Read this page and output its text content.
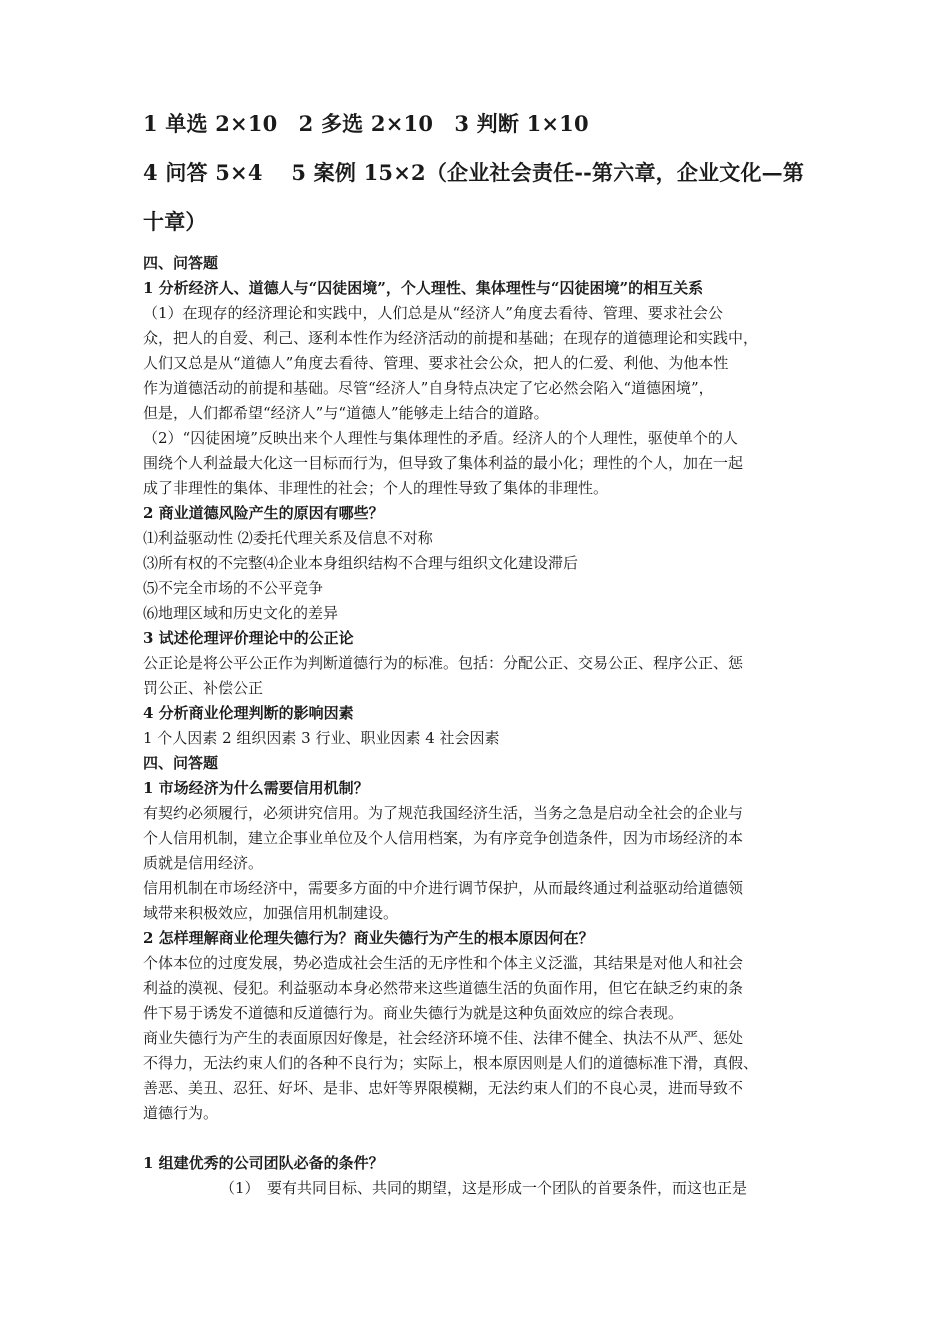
1 单选 2×10　2 多选 2×10　3 判断 1×10
4 问答 5×4　 5 案例 15×2（企业社会责任--第六章，企业文化—第
十章）

四、问答题

1 分析经济人、道德人与“囚徒困境”，个人理性、集体理性与“囚徒困境”的相互关系

（1）在现存的经济理论和实践中，人们总是从“经济人”角度去看待、管理、要求社会公

众，把人的自爱、利己、逐利本性作为经济活动的前提和基础；在现存的道德理论和实践中，

人们又总是从“道德人”角度去看待、管理、要求社会公众，把人的仁爱、利他、为他本性

作为道德活动的前提和基础。尽管“经济人”自身特点决定了它必然会陷入“道德困境”，

但是，人们都希望“经济人”与“道德人”能够走上结合的道路。

（2）“囚徒困境”反映出来个人理性与集体理性的矛盾。经济人的个人理性，驱使单个的人

围绕个人利益最大化这一目标而行为，但导致了集体利益的最小化；理性的个人，加在一起

成了非理性的集体、非理性的社会；个人的理性导致了集体的非理性。

2 商业道德风险产生的原因有哪些？

⑴利益驱动性 ⑵委托代理关系及信息不对称

⑶所有权的不完整⑷企业本身组织结构不合理与组织文化建设滞后

⑸不完全市场的不公平竞争

⑹地理区域和历史文化的差异

3 试述伦理评价理论中的公正论

公正论是将公平公正作为判断道德行为的标准。包括：分配公正、交易公正、程序公正、惩

罚公正、补偿公正

4 分析商业伦理判断的影响因素

1 个人因素 2 组织因素 3 行业、职业因素 4 社会因素

四、问答题

1 市场经济为什么需要信用机制？

有契约必须履行，必须讲究信用。为了规范我国经济生活，当务之急是启动全社会的企业与

个人信用机制，建立企事业单位及个人信用档案，为有序竞争创造条件，因为市场经济的本

质就是信用经济。

信用机制在市场经济中，需要多方面的中介进行调节保护，从而最终通过利益驱动给道德领

域带来积极效应，加强信用机制建设。

2 怎样理解商业伦理失德行为？商业失德行为产生的根本原因何在？

个体本位的过度发展，势必造成社会生活的无序性和个体主义泛滥，其结果是对他人和社会

利益的漠视、侵犯。利益驱动本身必然带来这些道德生活的负面作用，但它在缺乏约束的条

件下易于诱发不道德和反道德行为。商业失德行为就是这种负面效应的综合表现。

商业失德行为产生的表面原因好像是，社会经济环境不佳、法律不健全、执法不从严、惩处

不得力，无法约束人们的各种不良行为；实际上，根本原因则是人们的道德标准下滑，真假、

善恶、美丑、忍狂、好坏、是非、忠奸等界限模糊，无法约束人们的不良心灵，进而导致不

道德行为。

1 组建优秀的公司团队必备的条件？

（1）　要有共同目标、共同的期望，这是形成一个团队的首要条件，而这也正是
